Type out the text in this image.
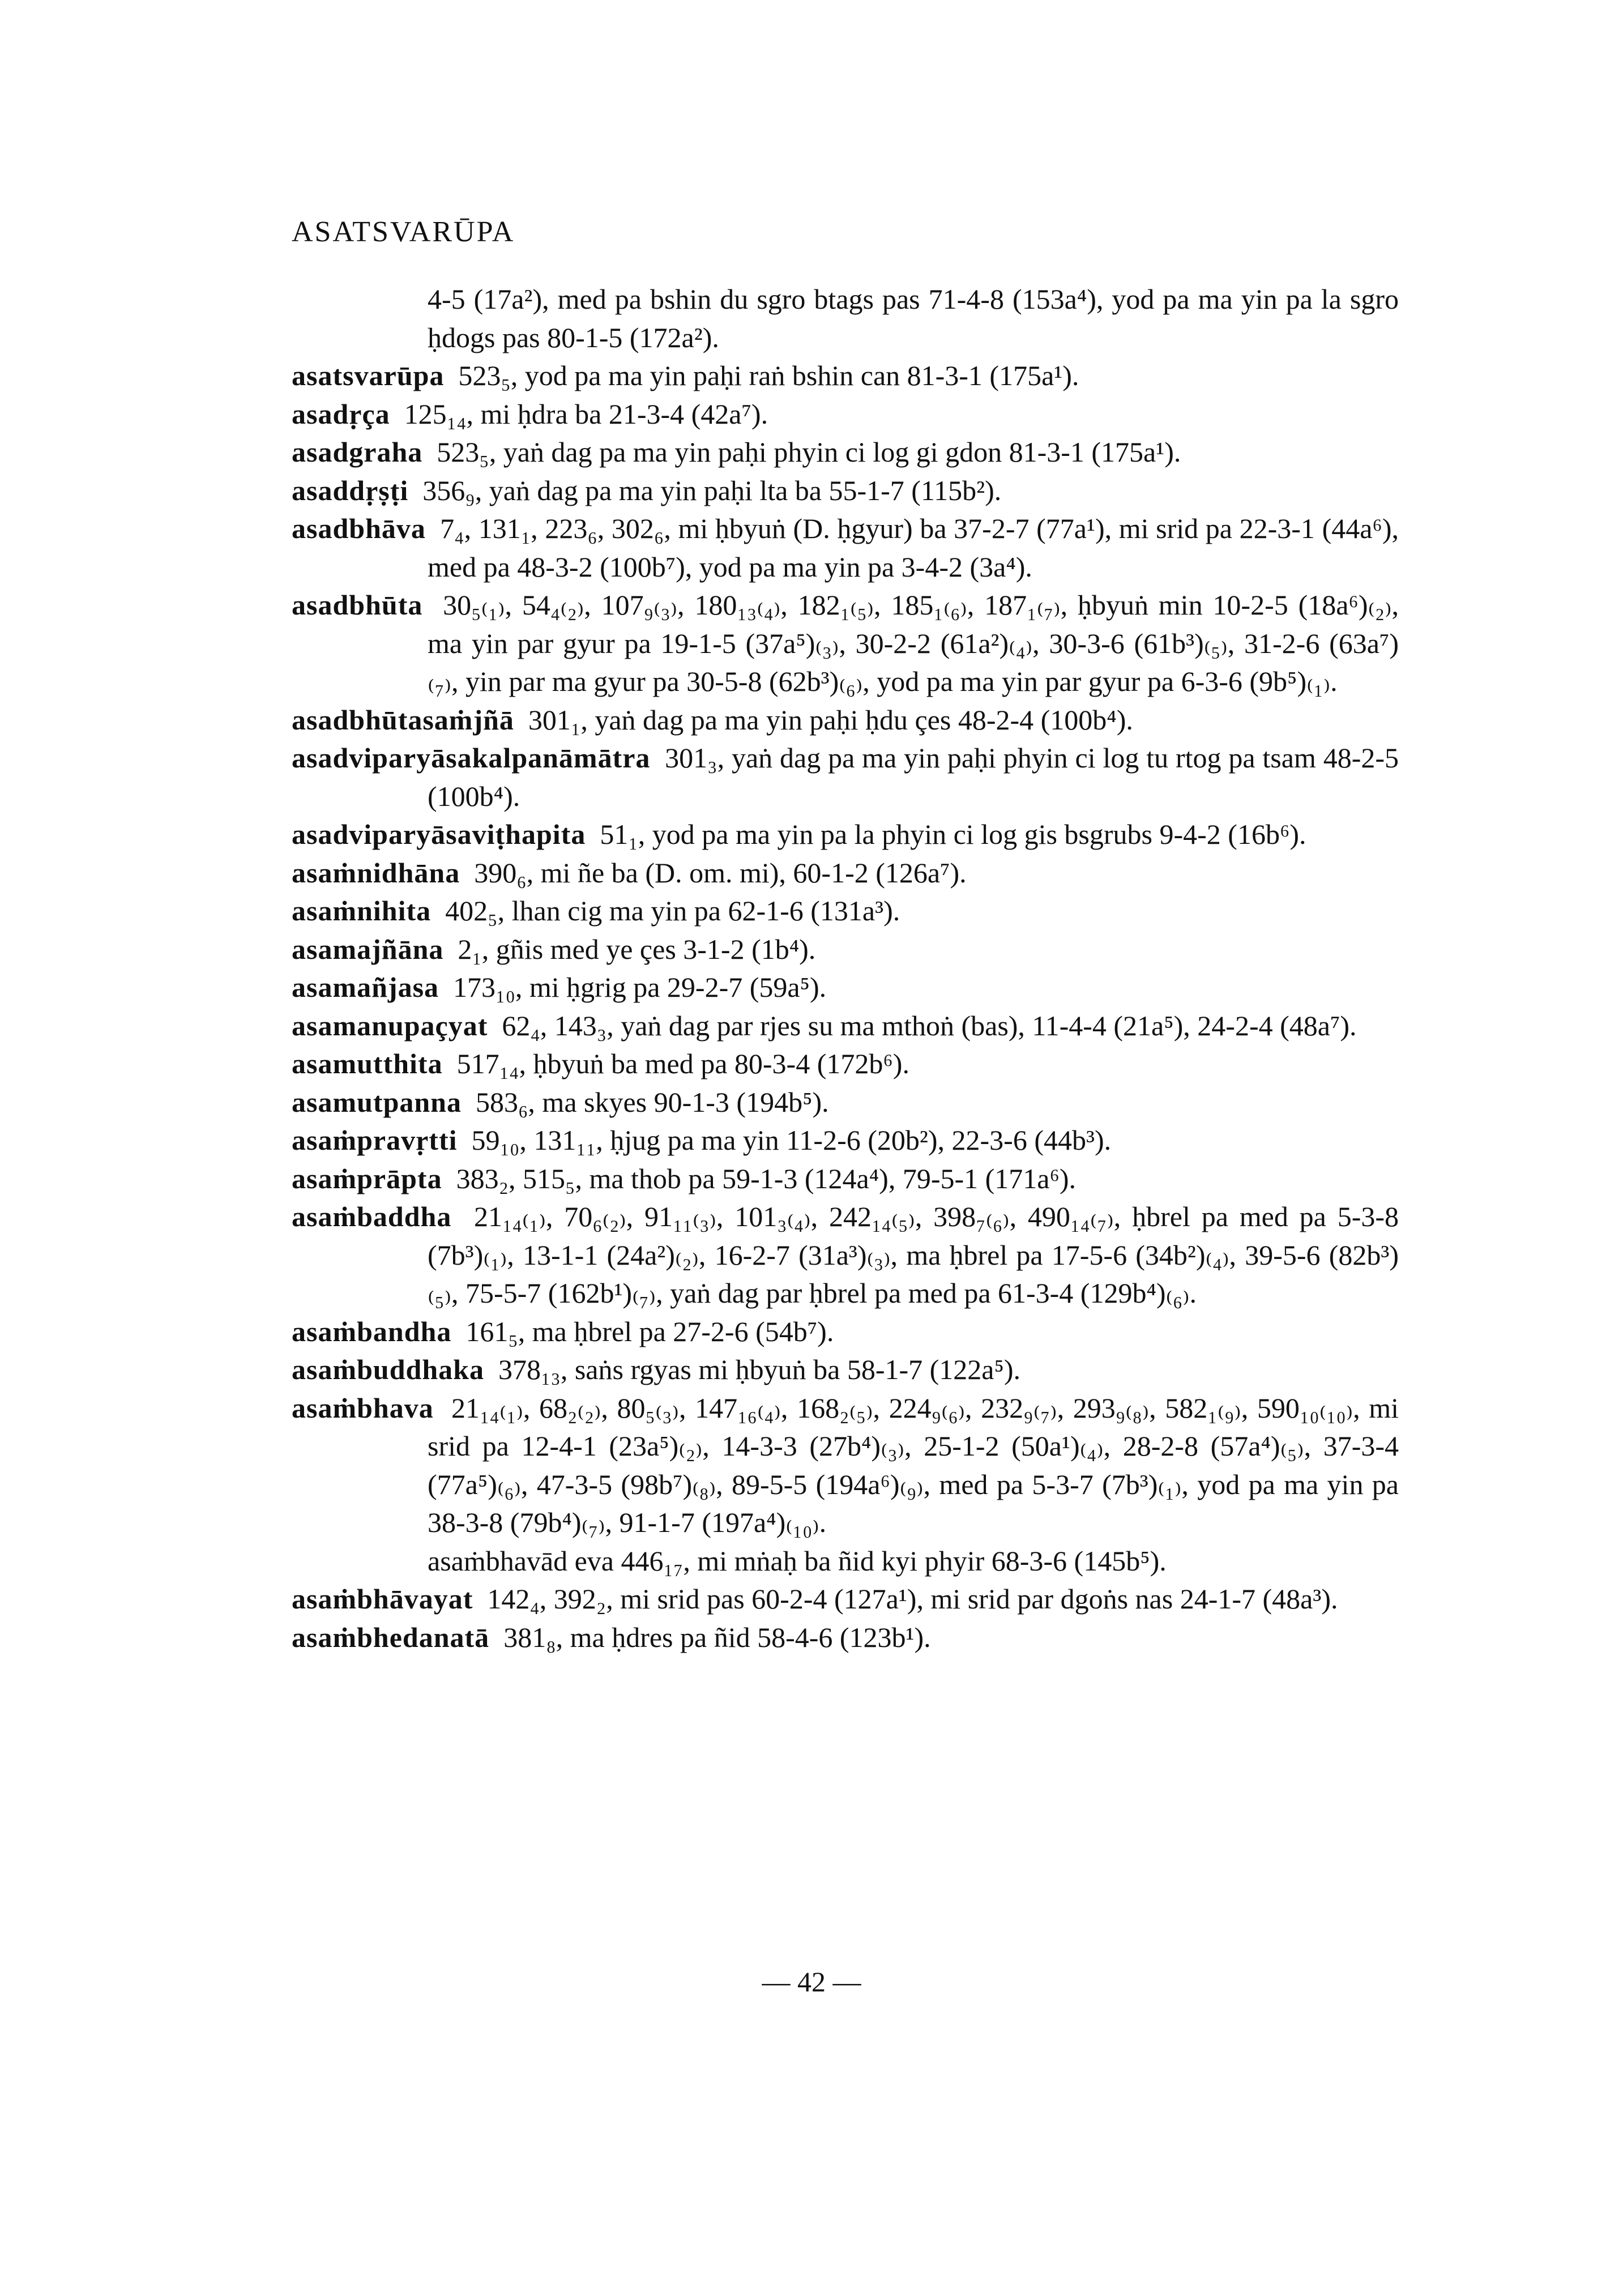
ASATSVARŪPA
4-5 (17a²), med pa bshin du sgro btags pas 71-4-8 (153a⁴), yod pa ma yin pa la sgro ḥdogs pas 80-1-5 (172a²).
asatsvarūpa 523₅, yod pa ma yin paḥi raṅ bshin can 81-3-1 (175a¹).
asadṛça 125₁₄, mi ḥdra ba 21-3-4 (42a⁷).
asadgraha 523₅, yaṅ dag pa ma yin paḥi phyin ci log gi gdon 81-3-1 (175a¹).
asaddṛṣṭi 356₉, yaṅ dag pa ma yin paḥi lta ba 55-1-7 (115b²).
asadbhāva 7₄, 131₁, 223₆, 302₆, mi ḥbyuṅ (D. ḥgyur) ba 37-2-7 (77a¹), mi srid pa 22-3-1 (44a⁶), med pa 48-3-2 (100b⁷), yod pa ma yin pa 3-4-2 (3a⁴).
asadbhūta 30₅₍₁₎, 54₄₍₂₎, 107₉₍₃₎, 180₁₃₍₄₎, 182₁₍₅₎, 185₁₍₆₎, 187₁₍₇₎, ḥbyuṅ min 10-2-5 (18a⁶)₍₂₎, ma yin par gyur pa 19-1-5 (37a⁵)₍₃₎, 30-2-2 (61a²)₍₄₎, 30-3-6 (61b³)₍₅₎, 31-2-6 (63a⁷)₍₇₎, yin par ma gyur pa 30-5-8 (62b³)₍₆₎, yod pa ma yin par gyur pa 6-3-6 (9b⁵)₍₁₎.
asadbhūtasaṁjñā 301₁, yaṅ dag pa ma yin paḥi ḥdu çes 48-2-4 (100b⁴).
asadviparyāsakalpanāmātra 301₃, yaṅ dag pa ma yin paḥi phyin ci log tu rtog pa tsam 48-2-5 (100b⁴).
asadviparyāsaviṭhapita 51₁, yod pa ma yin pa la phyin ci log gis bsgrubs 9-4-2 (16b⁶).
asaṁnidhāna 390₆, mi ñe ba (D. om. mi), 60-1-2 (126a⁷).
asaṁnihita 402₅, lhan cig ma yin pa 62-1-6 (131a³).
asamajñāna 2₁, gñis med ye çes 3-1-2 (1b⁴).
asamañjasa 173₁₀, mi ḥgrig pa 29-2-7 (59a⁵).
asamanupaçyat 62₄, 143₃, yaṅ dag par rjes su ma mthoṅ (bas), 11-4-4 (21a⁵), 24-2-4 (48a⁷).
asamutthita 517₁₄, ḥbyuṅ ba med pa 80-3-4 (172b⁶).
asamutpanna 583₆, ma skyes 90-1-3 (194b⁵).
asaṁpravṛtti 59₁₀, 131₁₁, ḥjug pa ma yin 11-2-6 (20b²), 22-3-6 (44b³).
asaṁprāpta 383₂, 515₅, ma thob pa 59-1-3 (124a⁴), 79-5-1 (171a⁶).
asaṁbaddha 21₁₄₍₁₎, 70₆₍₂₎, 91₁₁₍₃₎, 101₃₍₄₎, 242₁₄₍₅₎, 398₇₍₆₎, 490₁₄₍₇₎, ḥbrel pa med pa 5-3-8 (7b³)₍₁₎, 13-1-1 (24a²)₍₂₎, 16-2-7 (31a³)₍₃₎, ma ḥbrel pa 17-5-6 (34b²)₍₄₎, 39-5-6 (82b³)₍₅₎, 75-5-7 (162b¹)₍₇₎, yaṅ dag par ḥbrel pa med pa 61-3-4 (129b⁴)₍₆₎.
asaṁbandha 161₅, ma ḥbrel pa 27-2-6 (54b⁷).
asaṁbuddhaka 378₁₃, saṅs rgyas mi ḥbyuṅ ba 58-1-7 (122a⁵).
asaṁbhava 21₁₄₍₁₎, 68₂₍₂₎, 80₅₍₃₎, 147₁₆₍₄₎, 168₂₍₅₎, 224₉₍₆₎, 232₉₍₇₎, 293₉₍₈₎, 582₁₍₉₎, 590₁₀₍₁₀₎, mi srid pa 12-4-1 (23a⁵)₍₂₎, 14-3-3 (27b⁴)₍₃₎, 25-1-2 (50a¹)₍₄₎, 28-2-8 (57a⁴)₍₅₎, 37-3-4 (77a⁵)₍₆₎, 47-3-5 (98b⁷)₍₈₎, 89-5-5 (194a⁶)₍₉₎, med pa 5-3-7 (7b³)₍₁₎, yod pa ma yin pa 38-3-8 (79b⁴)₍₇₎, 91-1-7 (197a⁴)₍₁₀₎.
asaṁbhavād eva 446₁₇, mi mṅaḥ ba ñid kyi phyir 68-3-6 (145b⁵).
asaṁbhāvayat 142₄, 392₂, mi srid pas 60-2-4 (127a¹), mi srid par dgoṅs nas 24-1-7 (48a³).
asaṁbhedanatā 381₈, ma ḥdres pa ñid 58-4-6 (123b¹).
— 42 —
